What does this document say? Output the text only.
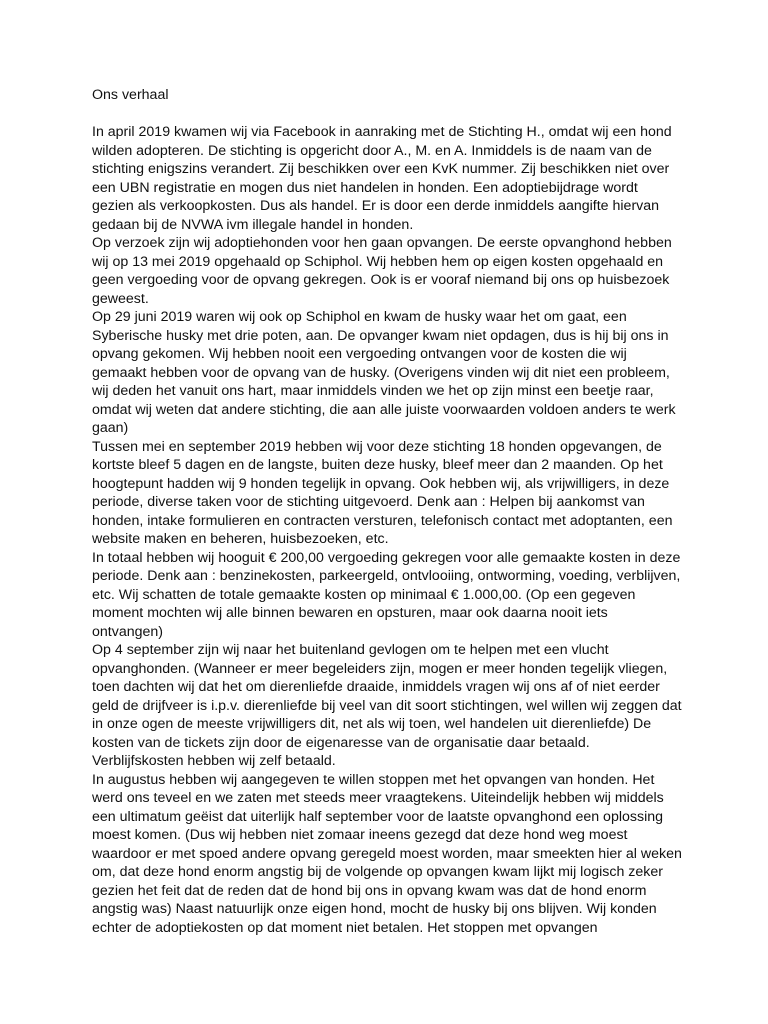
Ons verhaal

In april 2019 kwamen wij via Facebook in aanraking met de Stichting H., omdat wij een hond wilden adopteren. De stichting is opgericht door A., M. en A. Inmiddels is de naam van de stichting enigszins verandert. Zij beschikken over een KvK nummer. Zij beschikken niet over een UBN registratie en mogen dus niet handelen in honden. Een adoptiebijdrage wordt gezien als verkoopkosten. Dus als handel. Er is door een derde inmiddels aangifte hiervan gedaan bij de NVWA ivm illegale handel in honden.

Op verzoek zijn wij adoptiehonden voor hen gaan opvangen. De eerste opvanghond hebben wij op 13 mei 2019 opgehaald op Schiphol. Wij hebben hem op eigen kosten opgehaald en geen vergoeding voor de opvang gekregen. Ook is er vooraf niemand bij ons op huisbezoek geweest.

Op 29 juni 2019 waren wij ook op Schiphol en kwam de husky waar het om gaat, een Syberische husky met drie poten, aan. De opvanger kwam niet opdagen, dus is hij bij ons in opvang gekomen. Wij hebben nooit een vergoeding ontvangen voor de kosten die wij gemaakt hebben voor de opvang van de husky. (Overigens vinden wij dit niet een probleem, wij deden het vanuit ons hart, maar inmiddels vinden we het op zijn minst een beetje raar, omdat wij weten dat andere stichting, die aan alle juiste voorwaarden voldoen anders te werk gaan)

Tussen mei en september 2019 hebben wij voor deze stichting 18 honden opgevangen, de kortste bleef 5 dagen en de langste, buiten deze husky, bleef meer dan 2 maanden. Op het hoogtepunt hadden wij 9 honden tegelijk in opvang. Ook hebben wij, als vrijwilligers, in deze periode, diverse taken voor de stichting uitgevoerd. Denk aan : Helpen bij aankomst van honden, intake formulieren en contracten versturen, telefonisch contact met adoptanten, een website maken en beheren, huisbezoeken, etc.

In totaal hebben wij hooguit € 200,00 vergoeding gekregen voor alle gemaakte kosten in deze periode. Denk aan : benzinekosten, parkeergeld, ontvlooiing, ontworming, voeding, verblijven, etc. Wij schatten de totale gemaakte kosten op minimaal € 1.000,00. (Op een gegeven moment mochten wij alle binnen bewaren en opsturen, maar ook daarna nooit iets ontvangen)

Op 4 september zijn wij naar het buitenland gevlogen om te helpen met een vlucht opvanghonden. (Wanneer er meer begeleiders zijn, mogen er meer honden tegelijk vliegen, toen dachten wij dat het om dierenliefde draaide, inmiddels vragen wij ons af of niet eerder geld de drijfveer is i.p.v. dierenliefde bij veel van dit soort stichtingen, wel willen wij zeggen dat in onze ogen de meeste vrijwilligers dit, net als wij toen, wel handelen uit dierenliefde) De kosten van de tickets zijn door de eigenaresse van de organisatie daar betaald. Verblijfskosten hebben wij zelf betaald.

In augustus hebben wij aangegeven te willen stoppen met het opvangen van honden. Het werd ons teveel en we zaten met steeds meer vraagtekens. Uiteindelijk hebben wij middels een ultimatum geëist dat uiterlijk half september voor de laatste opvanghond een oplossing moest komen. (Dus wij hebben niet zomaar ineens gezegd dat deze hond weg moest waardoor er met spoed andere opvang geregeld moest worden, maar smeekten hier al weken om, dat deze hond enorm angstig bij de volgende op opvangen kwam lijkt mij logisch zeker gezien het feit dat de reden dat de hond bij ons in opvang kwam was dat de hond enorm angstig was) Naast natuurlijk onze eigen hond, mocht de husky bij ons blijven. Wij konden echter de adoptiekosten op dat moment niet betalen. Het stoppen met opvangen
